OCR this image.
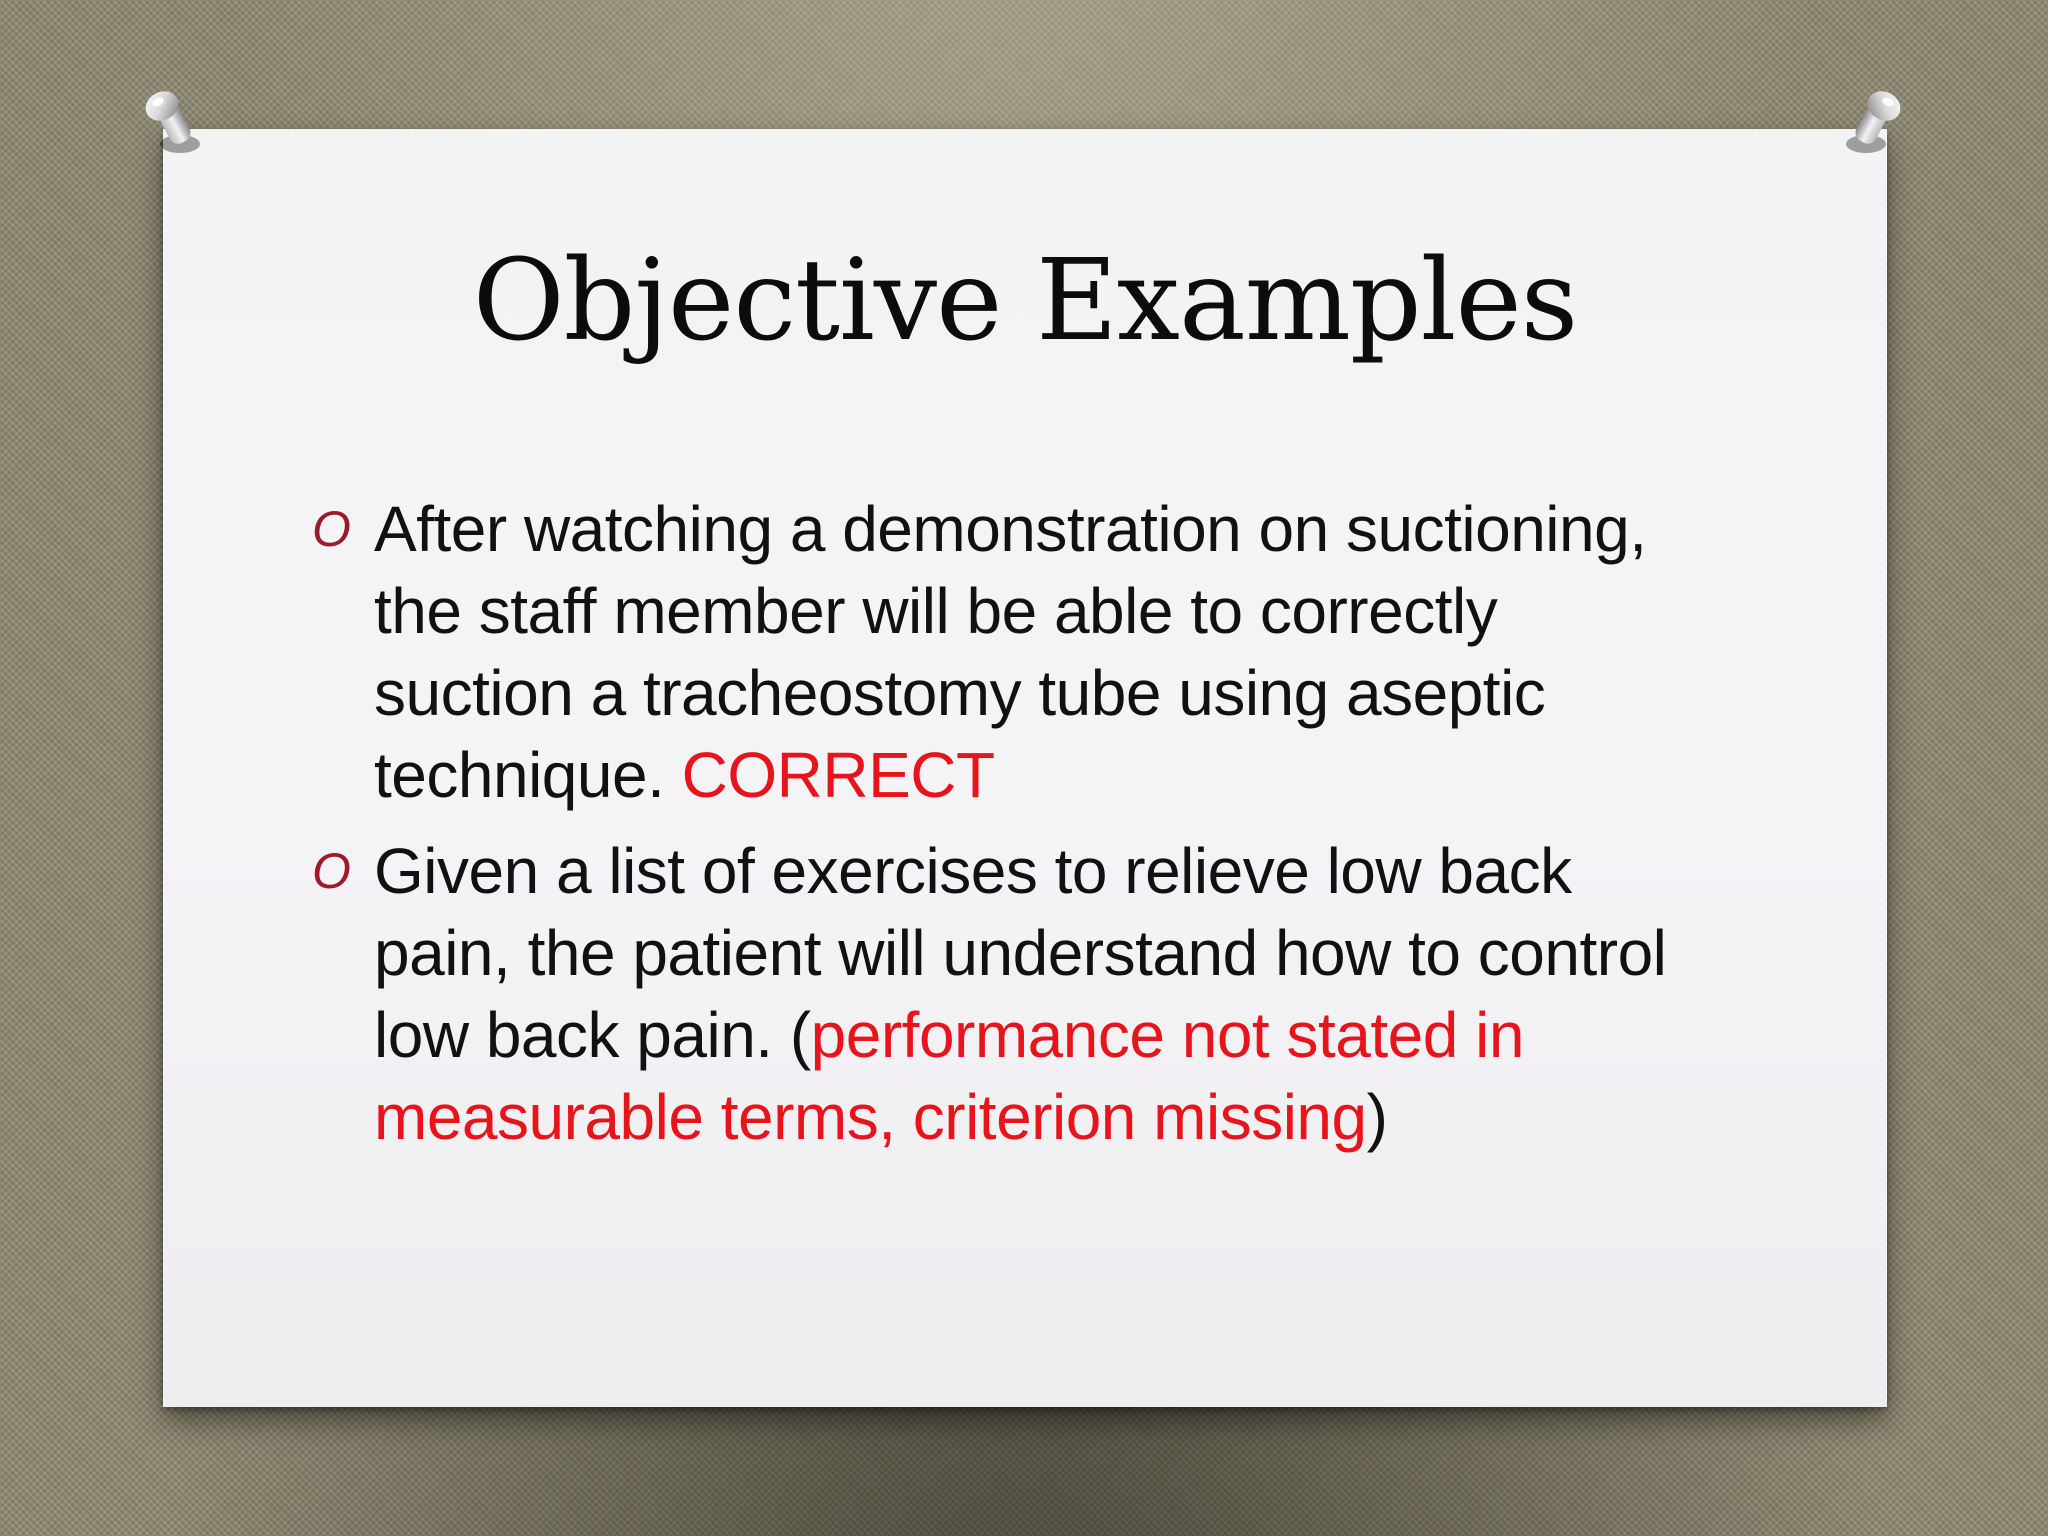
Objective Examples
O After watching a demonstration on suctioning, the staff member will be able to correctly suction a tracheostomy tube using aseptic technique. CORRECT
O Given a list of exercises to relieve low back pain, the patient will understand how to control low back pain. (performance not stated in measurable terms, criterion missing)
